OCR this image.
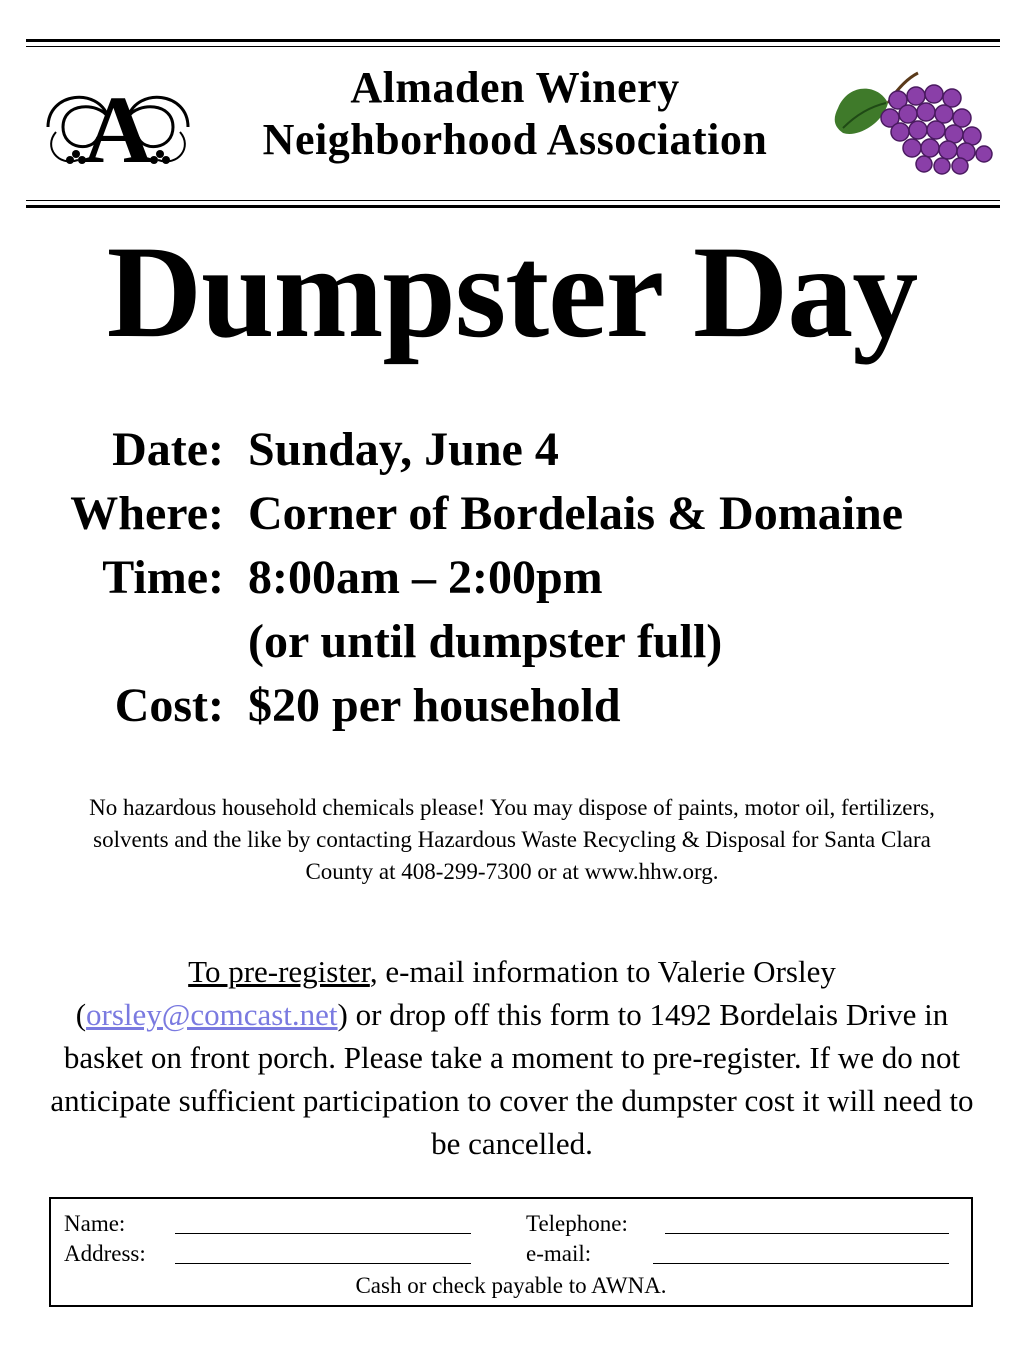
A	Almaden Winery
Neighborhood Association
Dumpster Day
Date: Sunday, June 4
Where: Corner of Bordelais & Domaine
Time: 8:00am – 2:00pm
(or until dumpster full)
Cost: $20 per household
No hazardous household chemicals please! You may dispose of paints, motor oil, fertilizers, solvents and the like by contacting Hazardous Waste Recycling & Disposal for Santa Clara County at 408-299-7300 or at www.hhw.org.
To pre-register, e-mail information to Valerie Orsley (orsley@comcast.net) or drop off this form to 1492 Bordelais Drive in basket on front porch. Please take a moment to pre-register. If we do not anticipate sufficient participation to cover the dumpster cost it will need to be cancelled.
Name:	Telephone:
Address:	e-mail:
Cash or check payable to AWNA.
